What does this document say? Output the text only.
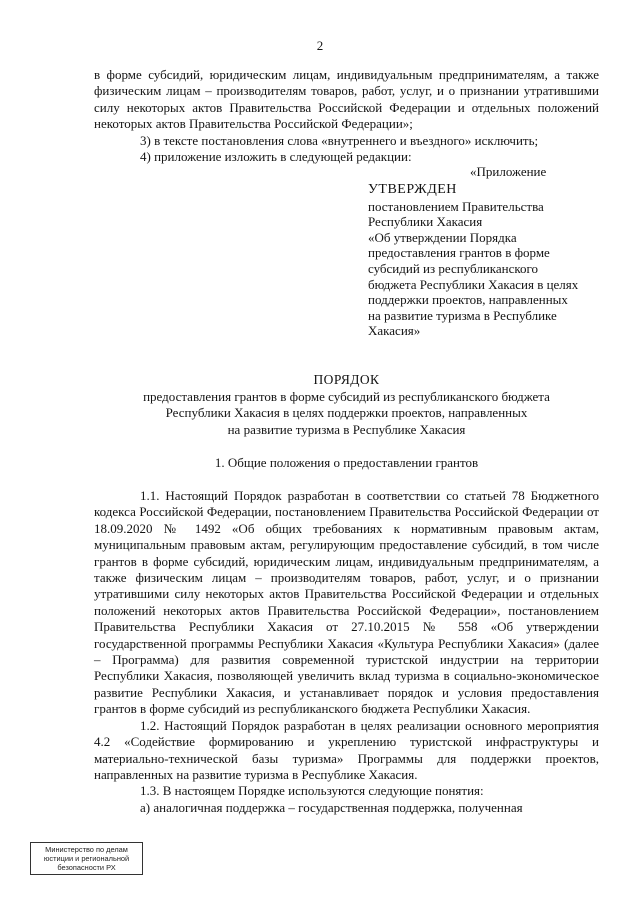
2

в форме субсидий, юридическим лицам, индивидуальным предпринимателям, а также физическим лицам – производителям товаров, работ, услуг, и о признании утратившими силу некоторых актов Правительства Российской Федерации и отдельных положений некоторых актов Правительства Российской Федерации»;

3) в тексте постановления слова «внутреннего и въездного» исключить;

4) приложение изложить в следующей редакции:

«Приложение
УТВЕРЖДЕН
постановлением Правительства
Республики Хакасия
«Об утверждении Порядка
предоставления грантов в форме
субсидий из республиканского
бюджета Республики Хакасия в целях
поддержки проектов, направленных
на развитие туризма в Республике
Хакасия»
ПОРЯДОК
предоставления грантов в форме субсидий из республиканского бюджета
Республики Хакасия в целях поддержки проектов, направленных
на развитие туризма в Республике Хакасия
1. Общие положения о предоставлении грантов

1.1. Настоящий Порядок разработан в соответствии со статьей 78 Бюджетного кодекса Российской Федерации, постановлением Правительства Российской Федерации от 18.09.2020 № 1492 «Об общих требованиях к нормативным правовым актам, муниципальным правовым актам, регулирующим предоставление субсидий, в том числе грантов в форме субсидий, юридическим лицам, индивидуальным предпринимателям, а также физическим лицам – производителям товаров, работ, услуг, и о признании утратившими силу некоторых актов Правительства Российской Федерации и отдельных положений некоторых актов Правительства Российской Федерации», постановлением Правительства Республики Хакасия от 27.10.2015 № 558 «Об утверждении государственной программы Республики Хакасия «Культура Республики Хакасия» (далее – Программа) для развития современной туристской индустрии на территории Республики Хакасия, позволяющей увеличить вклад туризма в социально-экономическое развитие Республики Хакасия, и устанавливает порядок и условия предоставления грантов в форме субсидий из республиканского бюджета Республики Хакасия.

1.2. Настоящий Порядок разработан в целях реализации основного мероприятия 4.2 «Содействие формированию и укреплению туристской инфраструктуры и материально-технической базы туризма» Программы для поддержки проектов, направленных на развитие туризма в Республике Хакасия.

1.3. В настоящем Порядке используются следующие понятия:

а) аналогичная поддержка – государственная поддержка, полученная

Министерство по делам
юстиции и региональной
безопасности РХ
